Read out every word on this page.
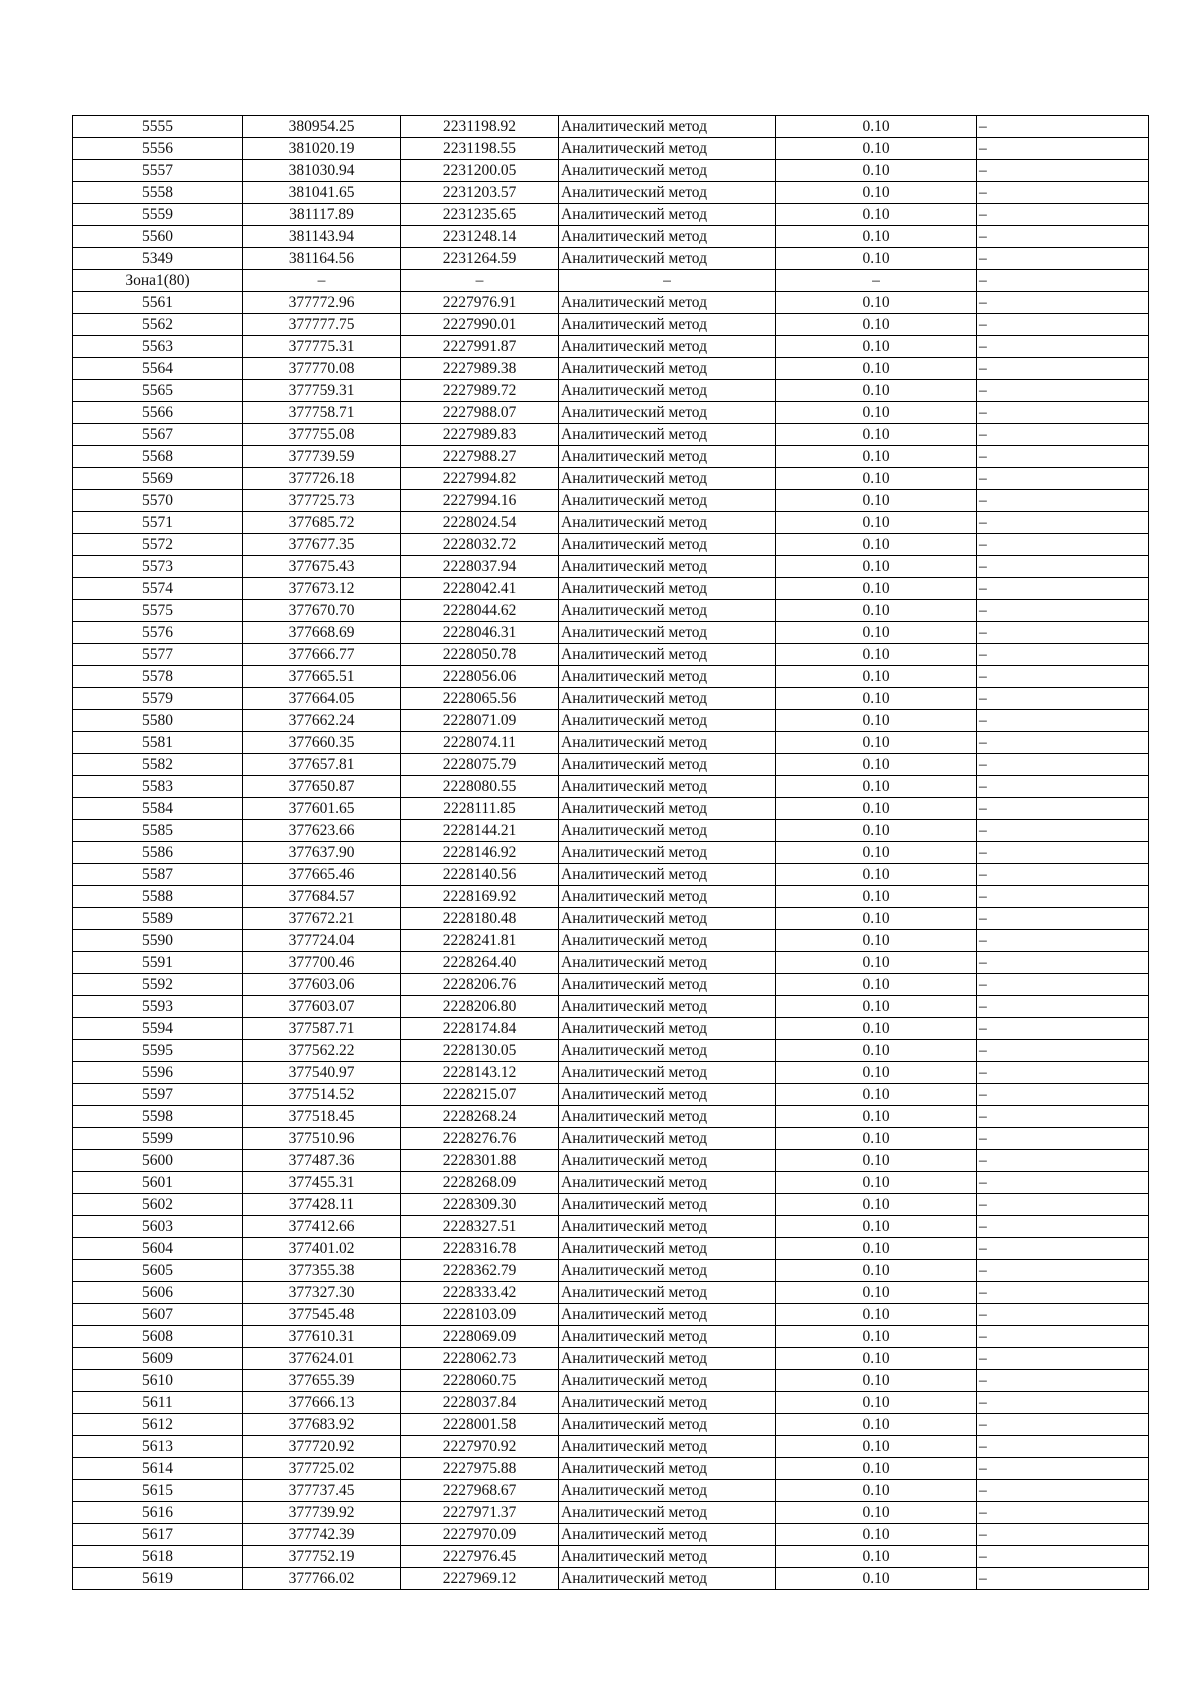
5555	380954.25	2231198.92	Аналитический метод	0.10	–
5556	381020.19	2231198.55	Аналитический метод	0.10	–
5557	381030.94	2231200.05	Аналитический метод	0.10	–
5558	381041.65	2231203.57	Аналитический метод	0.10	–
5559	381117.89	2231235.65	Аналитический метод	0.10	–
5560	381143.94	2231248.14	Аналитический метод	0.10	–
5349	381164.56	2231264.59	Аналитический метод	0.10	–
Зона1(80)	–	–	–	–	–
5561	377772.96	2227976.91	Аналитический метод	0.10	–
5562	377777.75	2227990.01	Аналитический метод	0.10	–
5563	377775.31	2227991.87	Аналитический метод	0.10	–
5564	377770.08	2227989.38	Аналитический метод	0.10	–
5565	377759.31	2227989.72	Аналитический метод	0.10	–
5566	377758.71	2227988.07	Аналитический метод	0.10	–
5567	377755.08	2227989.83	Аналитический метод	0.10	–
5568	377739.59	2227988.27	Аналитический метод	0.10	–
5569	377726.18	2227994.82	Аналитический метод	0.10	–
5570	377725.73	2227994.16	Аналитический метод	0.10	–
5571	377685.72	2228024.54	Аналитический метод	0.10	–
5572	377677.35	2228032.72	Аналитический метод	0.10	–
5573	377675.43	2228037.94	Аналитический метод	0.10	–
5574	377673.12	2228042.41	Аналитический метод	0.10	–
5575	377670.70	2228044.62	Аналитический метод	0.10	–
5576	377668.69	2228046.31	Аналитический метод	0.10	–
5577	377666.77	2228050.78	Аналитический метод	0.10	–
5578	377665.51	2228056.06	Аналитический метод	0.10	–
5579	377664.05	2228065.56	Аналитический метод	0.10	–
5580	377662.24	2228071.09	Аналитический метод	0.10	–
5581	377660.35	2228074.11	Аналитический метод	0.10	–
5582	377657.81	2228075.79	Аналитический метод	0.10	–
5583	377650.87	2228080.55	Аналитический метод	0.10	–
5584	377601.65	2228111.85	Аналитический метод	0.10	–
5585	377623.66	2228144.21	Аналитический метод	0.10	–
5586	377637.90	2228146.92	Аналитический метод	0.10	–
5587	377665.46	2228140.56	Аналитический метод	0.10	–
5588	377684.57	2228169.92	Аналитический метод	0.10	–
5589	377672.21	2228180.48	Аналитический метод	0.10	–
5590	377724.04	2228241.81	Аналитический метод	0.10	–
5591	377700.46	2228264.40	Аналитический метод	0.10	–
5592	377603.06	2228206.76	Аналитический метод	0.10	–
5593	377603.07	2228206.80	Аналитический метод	0.10	–
5594	377587.71	2228174.84	Аналитический метод	0.10	–
5595	377562.22	2228130.05	Аналитический метод	0.10	–
5596	377540.97	2228143.12	Аналитический метод	0.10	–
5597	377514.52	2228215.07	Аналитический метод	0.10	–
5598	377518.45	2228268.24	Аналитический метод	0.10	–
5599	377510.96	2228276.76	Аналитический метод	0.10	–
5600	377487.36	2228301.88	Аналитический метод	0.10	–
5601	377455.31	2228268.09	Аналитический метод	0.10	–
5602	377428.11	2228309.30	Аналитический метод	0.10	–
5603	377412.66	2228327.51	Аналитический метод	0.10	–
5604	377401.02	2228316.78	Аналитический метод	0.10	–
5605	377355.38	2228362.79	Аналитический метод	0.10	–
5606	377327.30	2228333.42	Аналитический метод	0.10	–
5607	377545.48	2228103.09	Аналитический метод	0.10	–
5608	377610.31	2228069.09	Аналитический метод	0.10	–
5609	377624.01	2228062.73	Аналитический метод	0.10	–
5610	377655.39	2228060.75	Аналитический метод	0.10	–
5611	377666.13	2228037.84	Аналитический метод	0.10	–
5612	377683.92	2228001.58	Аналитический метод	0.10	–
5613	377720.92	2227970.92	Аналитический метод	0.10	–
5614	377725.02	2227975.88	Аналитический метод	0.10	–
5615	377737.45	2227968.67	Аналитический метод	0.10	–
5616	377739.92	2227971.37	Аналитический метод	0.10	–
5617	377742.39	2227970.09	Аналитический метод	0.10	–
5618	377752.19	2227976.45	Аналитический метод	0.10	–
5619	377766.02	2227969.12	Аналитический метод	0.10	–
